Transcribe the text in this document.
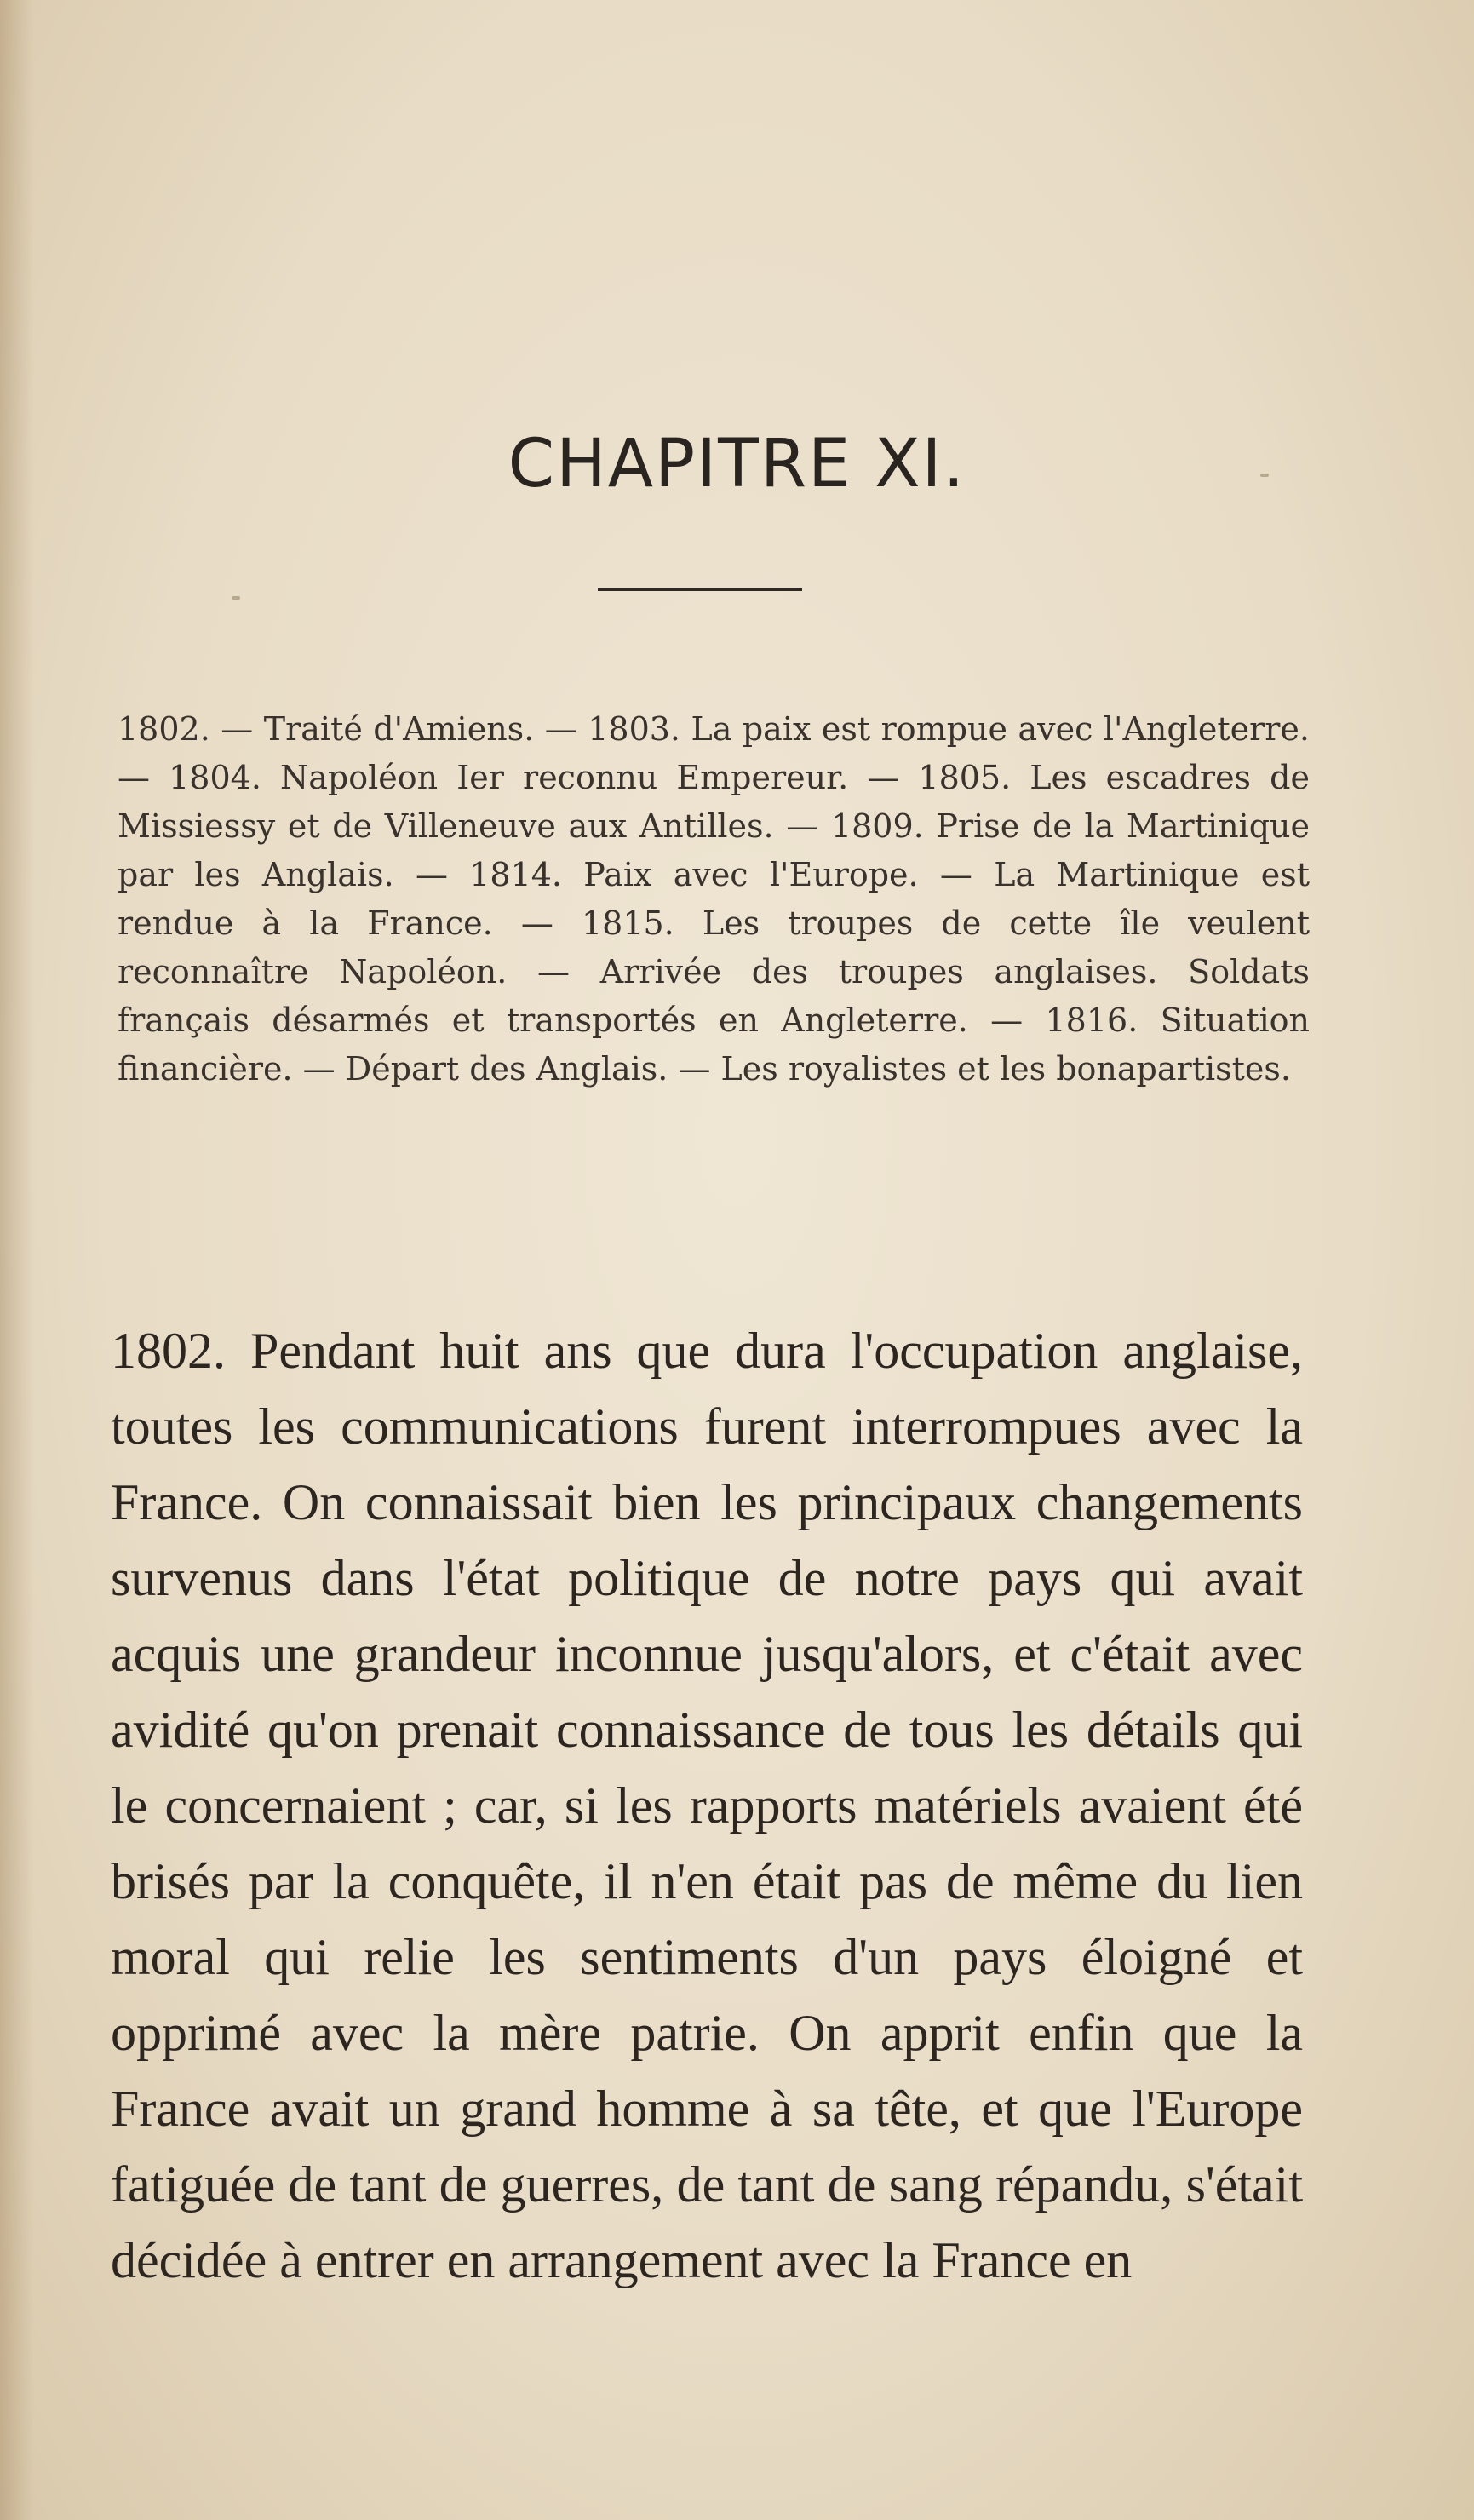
CHAPITRE XI.

1802. — Traité d'Amiens. — 1803. La paix est rompue avec l'Angleterre. — 1804. Napoléon Ier reconnu Empereur. — 1805. Les escadres de Missiessy et de Villeneuve aux Antilles. — 1809. Prise de la Martinique par les Anglais. — 1814. Paix avec l'Europe. — La Martinique est rendue à la France. — 1815. Les troupes de cette île veulent reconnaître Napoléon. — Arrivée des troupes anglaises. Soldats français désarmés et transportés en Angleterre. — 1816. Situation financière. — Départ des Anglais. — Les royalistes et les bonapartistes.

1802. Pendant huit ans que dura l'occupation anglaise, toutes les communications furent interrompues avec la France. On connaissait bien les principaux changements survenus dans l'état politique de notre pays qui avait acquis une grandeur inconnue jusqu'alors, et c'était avec avidité qu'on prenait connaissance de tous les détails qui le concernaient ; car, si les rapports matériels avaient été brisés par la conquête, il n'en était pas de même du lien moral qui relie les sentiments d'un pays éloigné et opprimé avec la mère patrie. On apprit enfin que la France avait un grand homme à sa tête, et que l'Europe fatiguée de tant de guerres, de tant de sang répandu, s'était décidée à entrer en arrangement avec la France en
